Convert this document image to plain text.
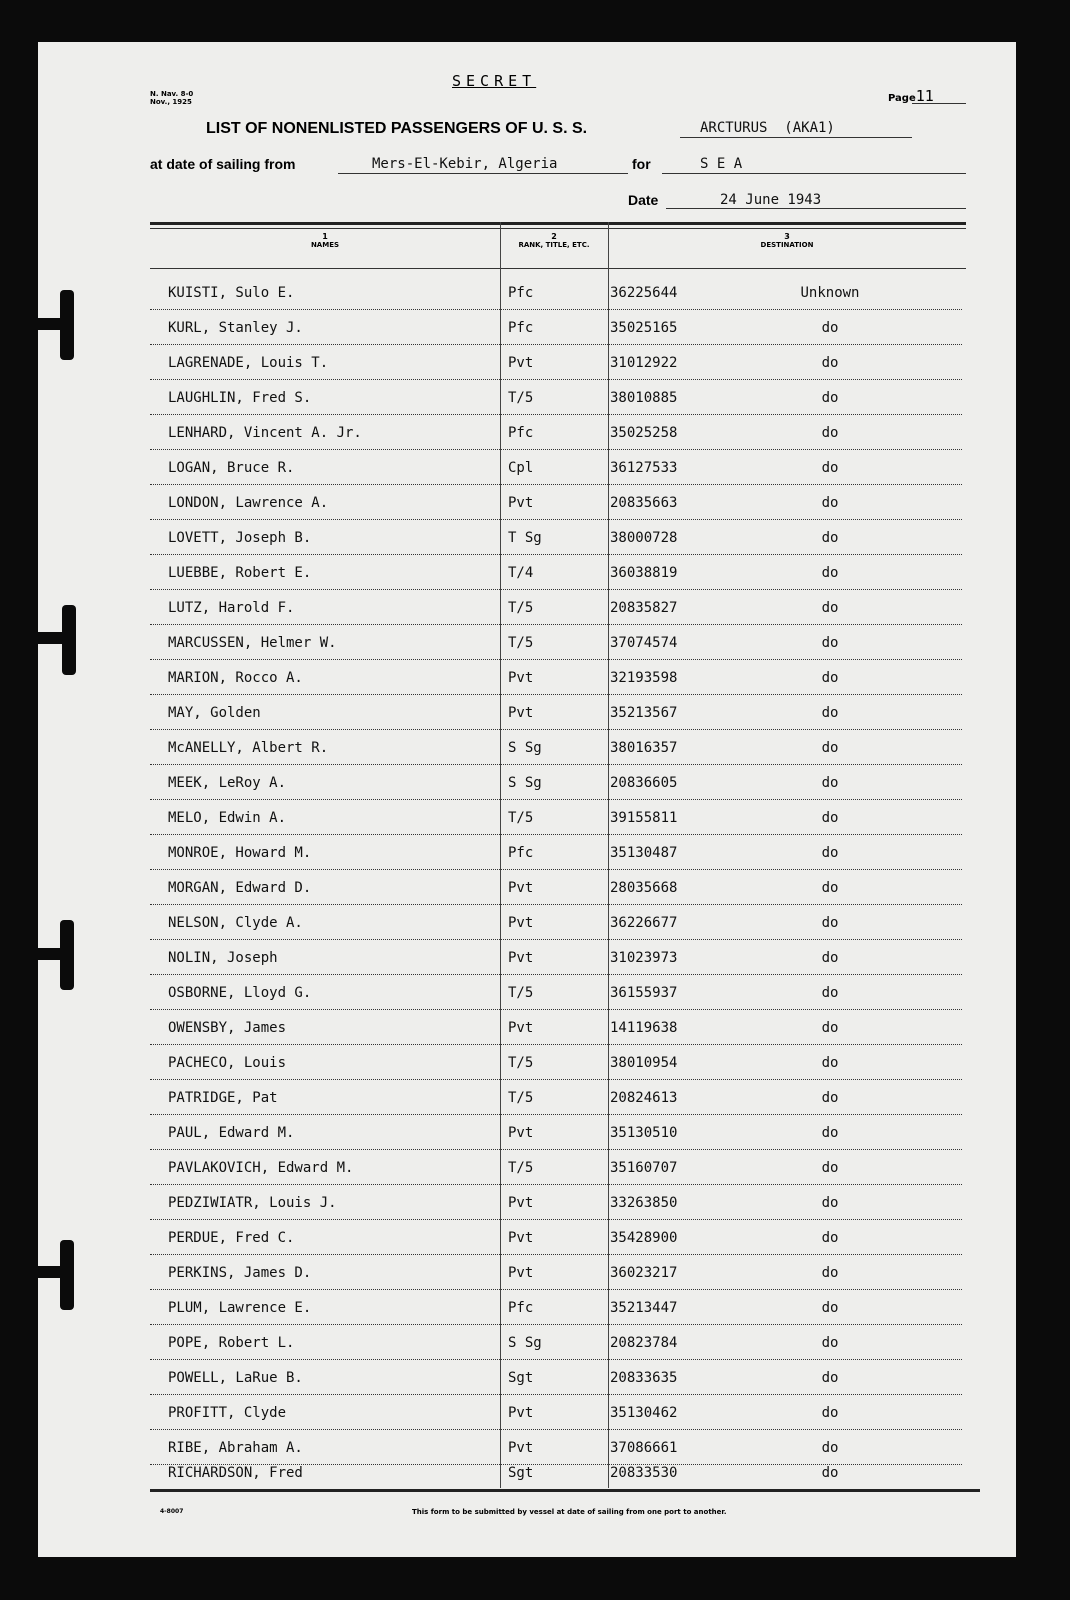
N. Nav. 8-0
Nov., 1925
SECRET
Page11
LIST OF NONENLISTED PASSENGERS OF U. S. S.	ARCTURUS  (AKA1)
at date of sailing from	Mers-El-Kebir, Algeria	for	S E A
Date	24 June 1943
1
NAMES
2
RANK, TITLE, ETC.
3
DESTINATION
KUISTI, Sulo E.	Pfc	36225644	Unknown
KURL, Stanley J.	Pfc	35025165	do
LAGRENADE, Louis T.	Pvt	31012922	do
LAUGHLIN, Fred S.	T/5	38010885	do
LENHARD, Vincent A. Jr.	Pfc	35025258	do
LOGAN, Bruce R.	Cpl	36127533	do
LONDON, Lawrence A.	Pvt	20835663	do
LOVETT, Joseph B.	T Sg	38000728	do
LUEBBE, Robert E.	T/4	36038819	do
LUTZ, Harold F.	T/5	20835827	do
MARCUSSEN, Helmer W.	T/5	37074574	do
MARION, Rocco A.	Pvt	32193598	do
MAY, Golden	Pvt	35213567	do
McANELLY, Albert R.	S Sg	38016357	do
MEEK, LeRoy A.	S Sg	20836605	do
MELO, Edwin A.	T/5	39155811	do
MONROE, Howard M.	Pfc	35130487	do
MORGAN, Edward D.	Pvt	28035668	do
NELSON, Clyde A.	Pvt	36226677	do
NOLIN, Joseph	Pvt	31023973	do
OSBORNE, Lloyd G.	T/5	36155937	do
OWENSBY, James	Pvt	14119638	do
PACHECO, Louis	T/5	38010954	do
PATRIDGE, Pat	T/5	20824613	do
PAUL, Edward M.	Pvt	35130510	do
PAVLAKOVICH, Edward M.	T/5	35160707	do
PEDZIWIATR, Louis J.	Pvt	33263850	do
PERDUE, Fred C.	Pvt	35428900	do
PERKINS, James D.	Pvt	36023217	do
PLUM, Lawrence E.	Pfc	35213447	do
POPE, Robert L.	S Sg	20823784	do
POWELL, LaRue B.	Sgt	20833635	do
PROFITT, Clyde	Pvt	35130462	do
RIBE, Abraham A.	Pvt	37086661	do
RICHARDSON, Fred	Sgt	20833530	do
4-8007	This form to be submitted by vessel at date of sailing from one port to another.
